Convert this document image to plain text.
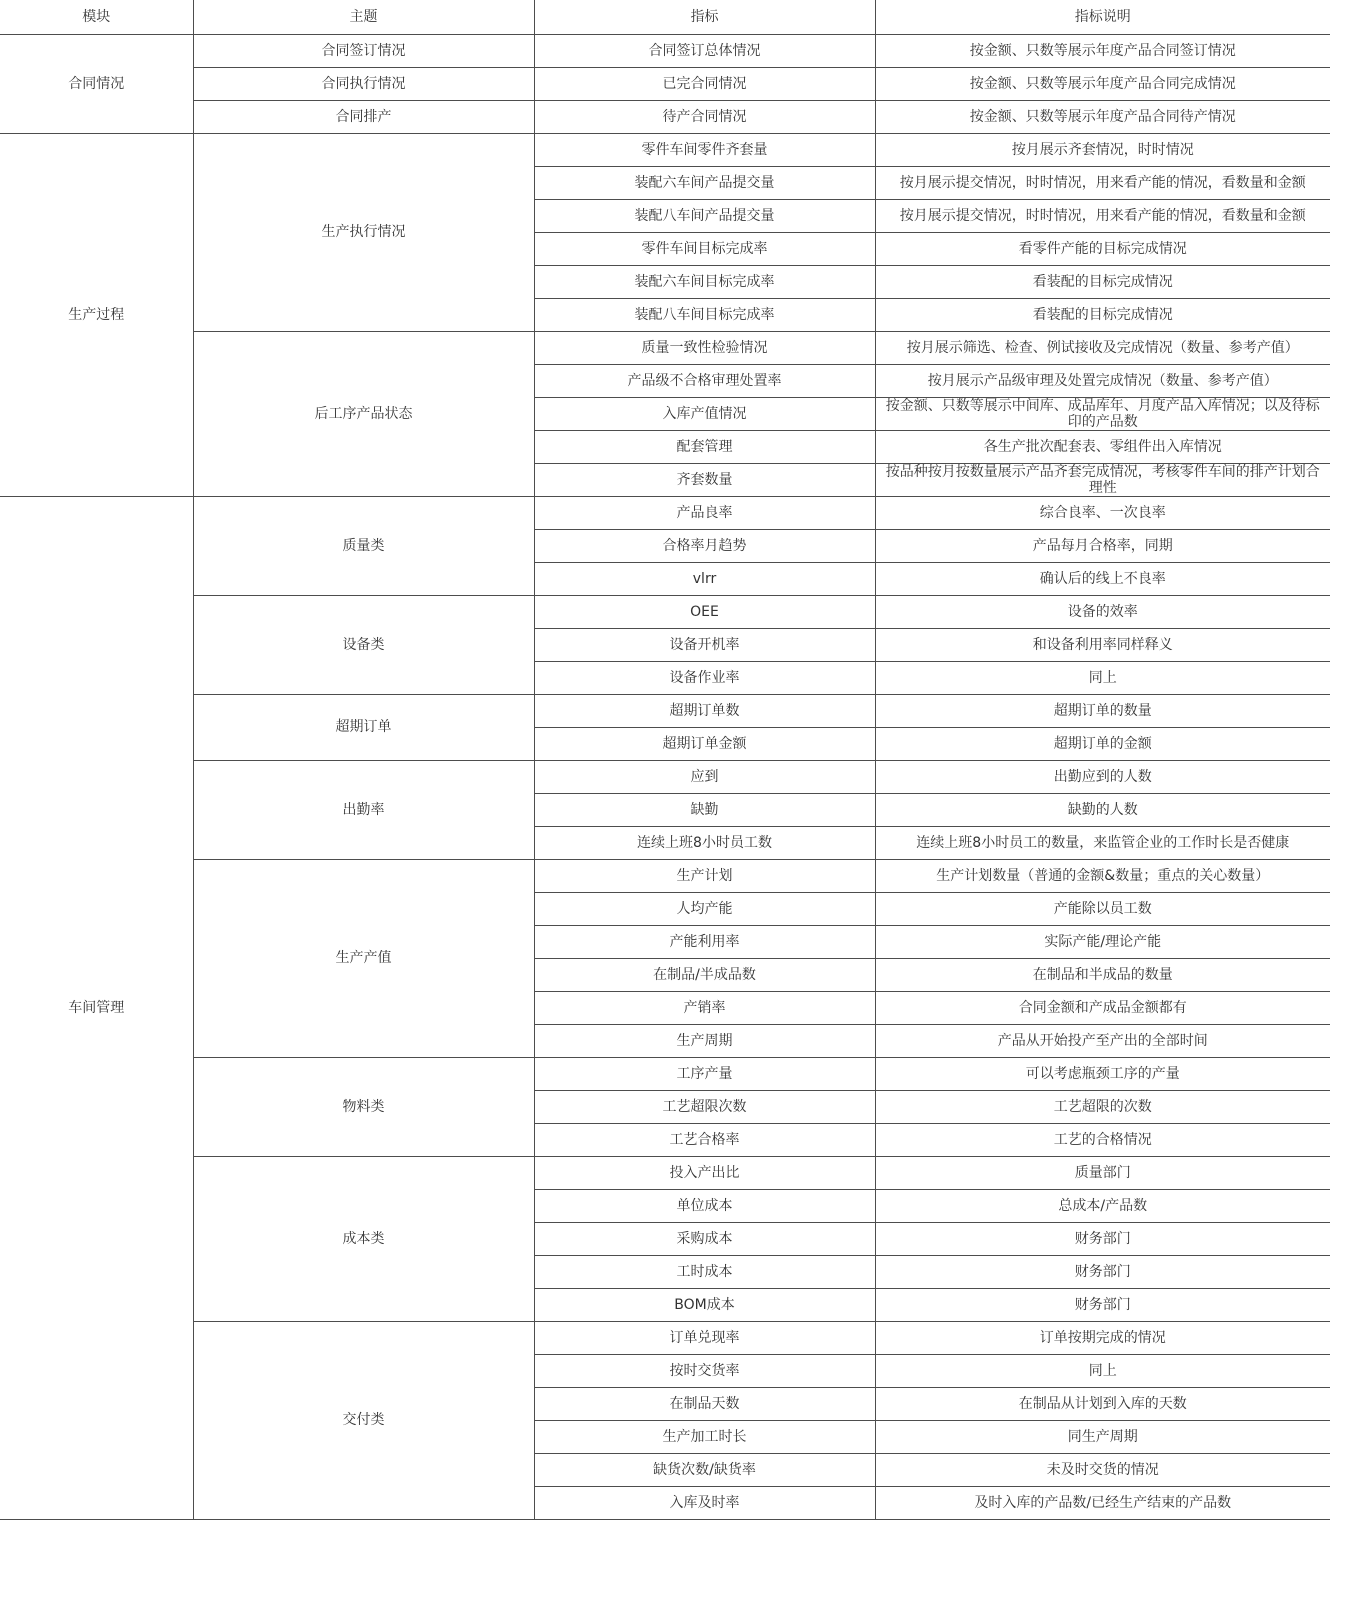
模块	主题	指标	指标说明
合同情况	合同签订情况	合同签订总体情况	按金额、只数等展示年度产品合同签订情况
	合同执行情况	已完合同情况	按金额、只数等展示年度产品合同完成情况
	合同排产	待产合同情况	按金额、只数等展示年度产品合同待产情况
生产过程	生产执行情况	零件车间零件齐套量	按月展示齐套情况，时时情况
		装配六车间产品提交量	按月展示提交情况，时时情况，用来看产能的情况，看数量和金额
		装配八车间产品提交量	按月展示提交情况，时时情况，用来看产能的情况，看数量和金额
		零件车间目标完成率	看零件产能的目标完成情况
		装配六车间目标完成率	看装配的目标完成情况
		装配八车间目标完成率	看装配的目标完成情况
	后工序产品状态	质量一致性检验情况	按月展示筛选、检查、例试接收及完成情况（数量、参考产值）
		产品级不合格审理处置率	按月展示产品级审理及处置完成情况（数量、参考产值）
		入库产值情况	按金额、只数等展示中间库、成品库年、月度产品入库情况；以及待标印的产品数
		配套管理	各生产批次配套表、零组件出入库情况
		齐套数量	按品种按月按数量展示产品齐套完成情况，考核零件车间的排产计划合理性
车间管理	质量类	产品良率	综合良率、一次良率
		合格率月趋势	产品每月合格率，同期
		vlrr	确认后的线上不良率
	设备类	OEE	设备的效率
		设备开机率	和设备利用率同样释义
		设备作业率	同上
	超期订单	超期订单数	超期订单的数量
		超期订单金额	超期订单的金额
	出勤率	应到	出勤应到的人数
		缺勤	缺勤的人数
		连续上班8小时员工数	连续上班8小时员工的数量，来监管企业的工作时长是否健康
	生产产值	生产计划	生产计划数量（普通的金额&数量；重点的关心数量）
		人均产能	产能除以员工数
		产能利用率	实际产能/理论产能
		在制品/半成品数	在制品和半成品的数量
		产销率	合同金额和产成品金额都有
		生产周期	产品从开始投产至产出的全部时间
	物料类	工序产量	可以考虑瓶颈工序的产量
		工艺超限次数	工艺超限的次数
		工艺合格率	工艺的合格情况
	成本类	投入产出比	质量部门
		单位成本	总成本/产品数
		采购成本	财务部门
		工时成本	财务部门
		BOM成本	财务部门
	交付类	订单兑现率	订单按期完成的情况
		按时交货率	同上
		在制品天数	在制品从计划到入库的天数
		生产加工时长	同生产周期
		缺货次数/缺货率	未及时交货的情况
		入库及时率	及时入库的产品数/已经生产结束的产品数
